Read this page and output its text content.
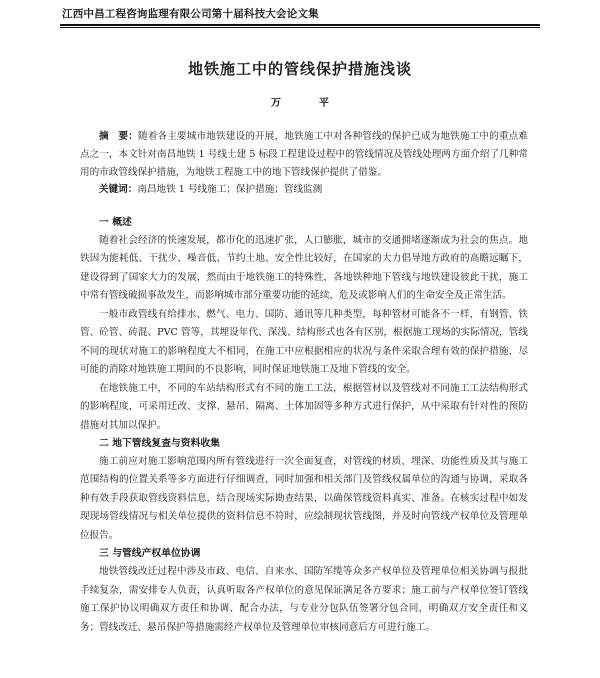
江西中昌工程咨询监理有限公司第十届科技大会论文集
地铁施工中的管线保护措施浅谈
万　平
摘　要：随着各主要城市地铁建设的开展，地铁施工中对各种管线的保护已成为地铁施工中的重点难点之一，本文针对南昌地铁 1 号线土建 5 标段工程建设过程中的管线情况及管线处理两方面介绍了几种常用的市政管线保护措施，为地铁工程施工中的地下管线保护提供了借鉴。
关键词：南昌地铁 1 号线施工；保护措施；管线监测

一 概述

随着社会经济的快速发展，都市化的迅速扩张，人口膨胀，城市的交通拥堵逐渐成为社会的焦点。地铁因为能耗低、干扰少、噪音低、节约土地、安全性比较好，在国家的大力倡导地方政府的高瞻远瞩下，建设得到了国家大力的发展，然而由于地铁施工的特殊性，各地铁种地下管线与地铁建设彼此干扰，施工中常有管线破损事故发生，而影响城市部分重要功能的延续，危及或影响人们的生命安全及正常生活。

一般市政管线有给排水、燃气、电力、国防、通讯等几种类型，每种管材可能各不一样，有钢管、铁管、砼管、砖混、PVC 管等，其埋设年代、深浅、结构形式也各有区别，根据施工现场的实际情况，管线不同的现状对施工的影响程度大不相同，在施工中应根据相应的状况与条件采取合理有效的保护措施，尽可能的消除对地铁施工期间的不良影响，同时保证地铁施工及地下管线的安全。

在地铁施工中，不同的车站结构形式有不同的施工工法，根据管材以及管线对不同施工工法结构形式的影响程度，可采用迁改、支撑、悬吊、隔离、土体加固等多种方式进行保护，从中采取有针对性的预防措施对其加以保护。

二 地下管线复查与资料收集

施工前应对施工影响范围内所有管线进行一次全面复查，对管线的材质、埋深、功能性质及其与施工范围结构的位置关系等多方面进行仔细调查，同时加强和相关部门及管线权属单位的沟通与协调，采取各种有效手段获取管线资料信息，结合现场实际勘查结果，以确保管线资料真实、准备。在核实过程中如发现现场管线情况与相关单位提供的资料信息不符时，应绘制现状管线图，并及时向管线产权单位及管理单位报告。

三 与管线产权单位协调

地铁管线改迁过程中涉及市政、电信、自来水、国防军缆等众多产权单位及管理单位相关协调与报批手续复杂，需安排专人负责，认真听取各产权单位的意见保证满足各方要求；施工前与产权单位签订管线施工保护协议明确双方责任和协调、配合办法，与专业分包队伍签署分包合同，明确双方安全责任和义务；管线改迁、悬吊保护等措施需经产权单位及管理单位审核同意后方可进行施工。
